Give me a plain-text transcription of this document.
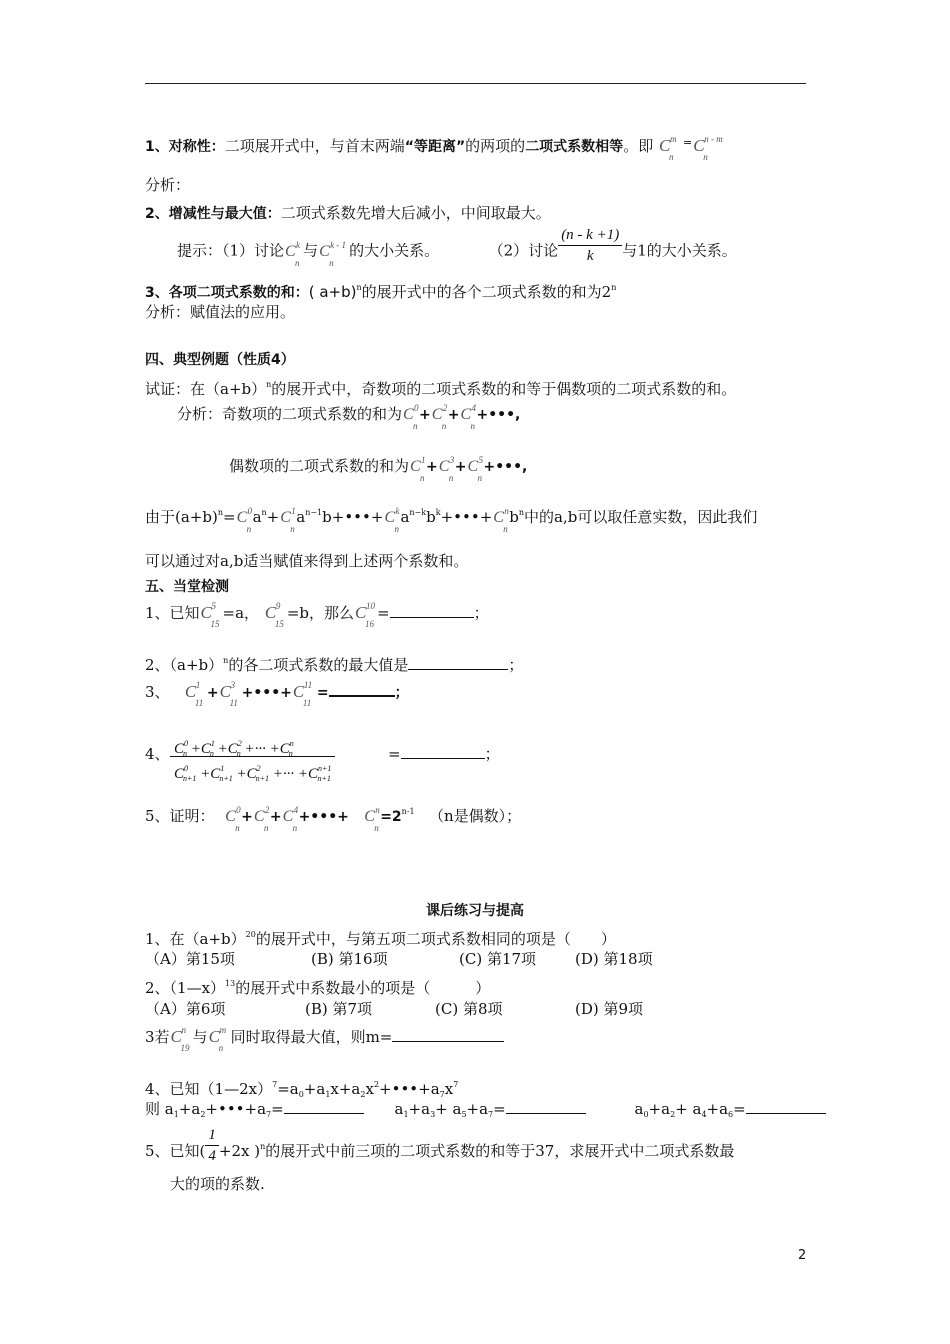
1、对称性：二项展开式中，与首末两端“等距离”的两项的二项式系数相等。即 C m
n
=C n - m
n
分析：
2、增减性与最大值：二项式系数先增大后减小，中间取最大。
提示：（1）讨论C k
n
与C k - 1
n
的大小关系。	（2）讨论 $\frac{(n - k +1)}{k}$ 与1的大小关系。
3、各项二项式系数的和：( a+b)$^n$的展开式中的各个二项式系数的和为2$^n$
分析：赋值法的应用。
四、典型例题（性质4）
试证：在$(a+b)^n$的展开式中，奇数项的二项式系数的和等于偶数项的二项式系数的和。
分析：奇数项的二项式系数的和为C 0
n
+C 2
n
+C 4
n
+•••,
偶数项的二项式系数的和为C 1
n
+C 3
n
+C 5
n
+•••,
由于$(a+b)^n=C$ 0
n
$a^n+C$ 1
n
$a^{n-1}b+•••+C$ k
n
$a^{n-k}b^k+•••+C$ n
n
$b^n$中的a,b可以取任意实数，因此我们
可以通过对a,b适当赋值来得到上述两个系数和。
五、当堂检测
1、已知C 5
15
=a， C 9
15
=b，那么C 10
16
=	；
2、$(a+b)^n$的各二项式系数的最大值是	；
3、 C 1
11
+C 3
11
+•••+C 11
11
=	；
4、 $C^0_n +C^1_n +C^2_n$ +··· $+C^n_n$
$C^0_{n+1} +C^1_{n+1} +C^2_{n+1}$ +··· $+C^{n+1}_{n+1}$
=	；
5、证明： C 0
n
+C 2
n
+C 4
n
+•••+ C n
n
$=2^{n-1}$ （n是偶数）；
课后练习与提高
1、在$(a+b)^{20}$的展开式中，与第五项二项式系数相同的项是（　　）
（A）第15项	(B) 第16项	(C) 第17项	(D) 第18项
2、（1—x）$^{13}$的展开式中系数最小的项是（　　　）
（A）第6项	(B) 第7项	(C) 第8项	(D) 第9项
3若C n
19
与C m
n
同时取得最大值，则m=
4、已知$(1—2x)^7=a_0+a_1x+a_2x^2+•••+a_7x^7$
则 $a_1+a_2+•••+a_7=$	$a_1+a_3+ a_5+a_7=$	$a_0+a_2+ a_4+a_6=$
5、已知( $\frac{1}{4} +2x$ )$^n$的展开式中前三项的二项式系数的和等于37，求展开式中二项式系数最
大的项的系数.
2
